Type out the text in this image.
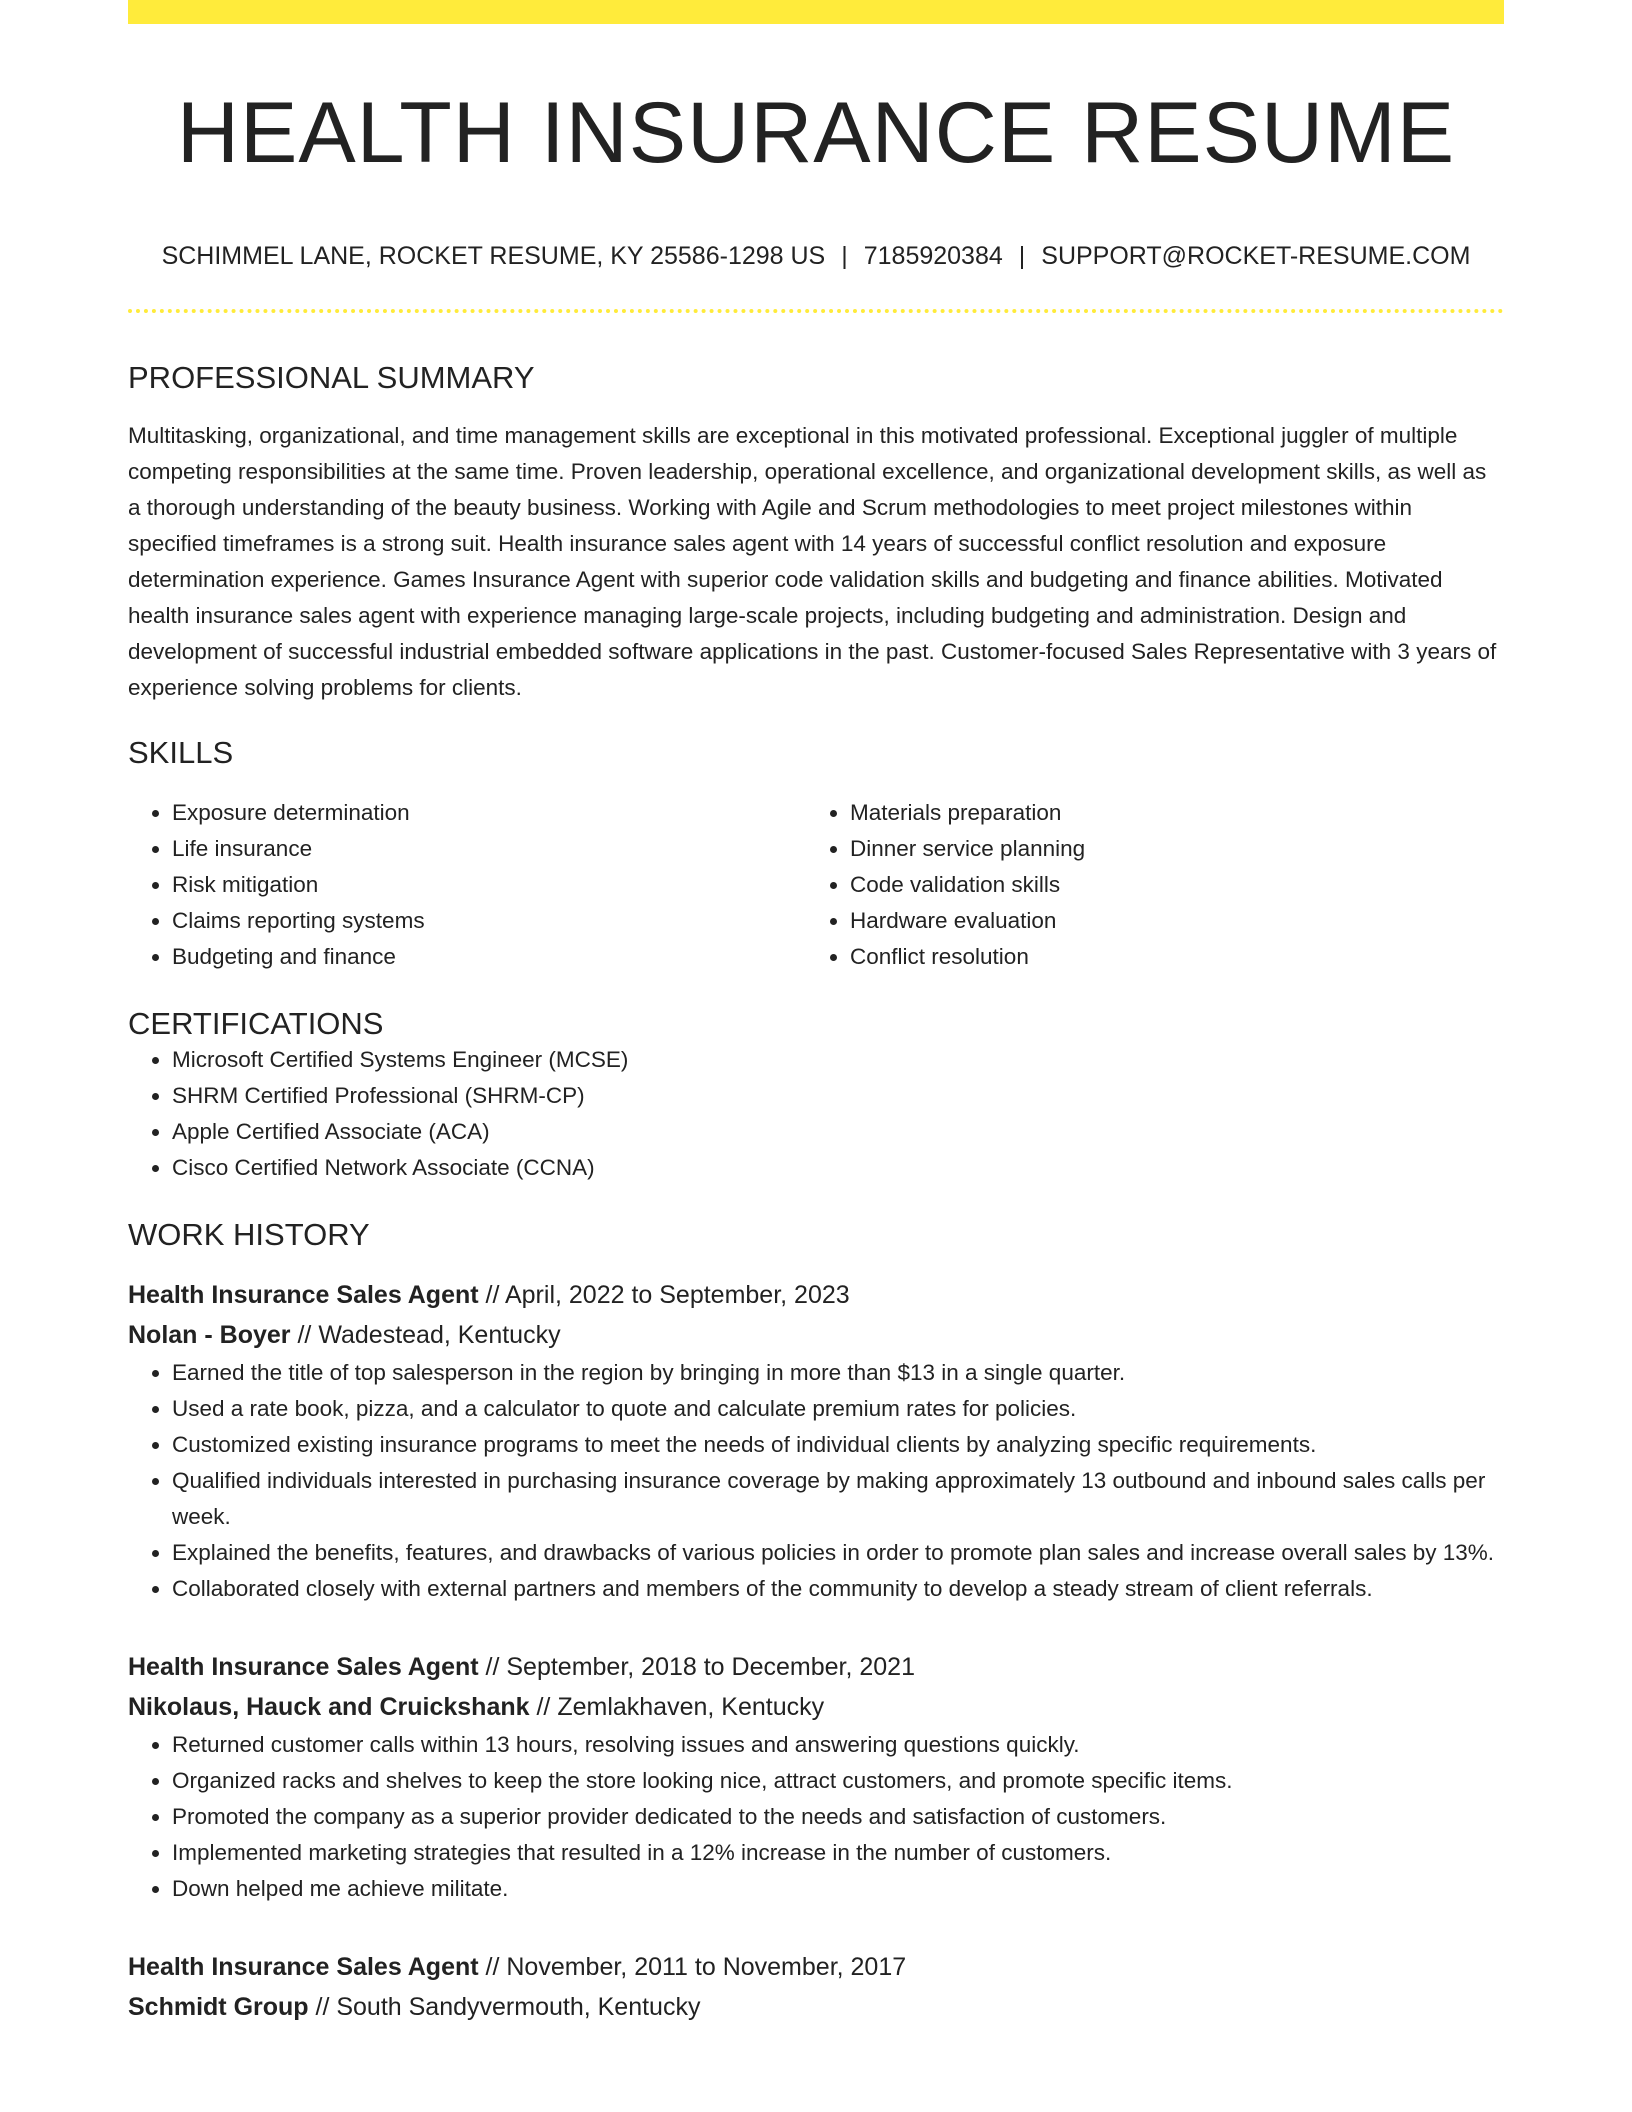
HEALTH INSURANCE RESUME
SCHIMMEL LANE, ROCKET RESUME, KY 25586-1298 US | 7185920384 | SUPPORT@ROCKET-RESUME.COM
PROFESSIONAL SUMMARY

Multitasking, organizational, and time management skills are exceptional in this motivated professional. Exceptional juggler of multiple competing responsibilities at the same time. Proven leadership, operational excellence, and organizational development skills, as well as a thorough understanding of the beauty business. Working with Agile and Scrum methodologies to meet project milestones within specified timeframes is a strong suit. Health insurance sales agent with 14 years of successful conflict resolution and exposure determination experience. Games Insurance Agent with superior code validation skills and budgeting and finance abilities. Motivated health insurance sales agent with experience managing large-scale projects, including budgeting and administration. Design and development of successful industrial embedded software applications in the past. Customer-focused Sales Representative with 3 years of experience solving problems for clients.

SKILLS
• Exposure determination
• Life insurance
• Risk mitigation
• Claims reporting systems
• Budgeting and finance
• Materials preparation
• Dinner service planning
• Code validation skills
• Hardware evaluation
• Conflict resolution
CERTIFICATIONS
• Microsoft Certified Systems Engineer (MCSE)
• SHRM Certified Professional (SHRM-CP)
• Apple Certified Associate (ACA)
• Cisco Certified Network Associate (CCNA)
WORK HISTORY
Health Insurance Sales Agent // April, 2022 to September, 2023
Nolan - Boyer // Wadestead, Kentucky
• Earned the title of top salesperson in the region by bringing in more than $13 in a single quarter.
• Used a rate book, pizza, and a calculator to quote and calculate premium rates for policies.
• Customized existing insurance programs to meet the needs of individual clients by analyzing specific requirements.
• Qualified individuals interested in purchasing insurance coverage by making approximately 13 outbound and inbound sales calls per week.
• Explained the benefits, features, and drawbacks of various policies in order to promote plan sales and increase overall sales by 13%.
• Collaborated closely with external partners and members of the community to develop a steady stream of client referrals.
Health Insurance Sales Agent // September, 2018 to December, 2021
Nikolaus, Hauck and Cruickshank // Zemlakhaven, Kentucky
• Returned customer calls within 13 hours, resolving issues and answering questions quickly.
• Organized racks and shelves to keep the store looking nice, attract customers, and promote specific items.
• Promoted the company as a superior provider dedicated to the needs and satisfaction of customers.
• Implemented marketing strategies that resulted in a 12% increase in the number of customers.
• Down helped me achieve militate.
Health Insurance Sales Agent // November, 2011 to November, 2017
Schmidt Group // South Sandyvermouth, Kentucky
